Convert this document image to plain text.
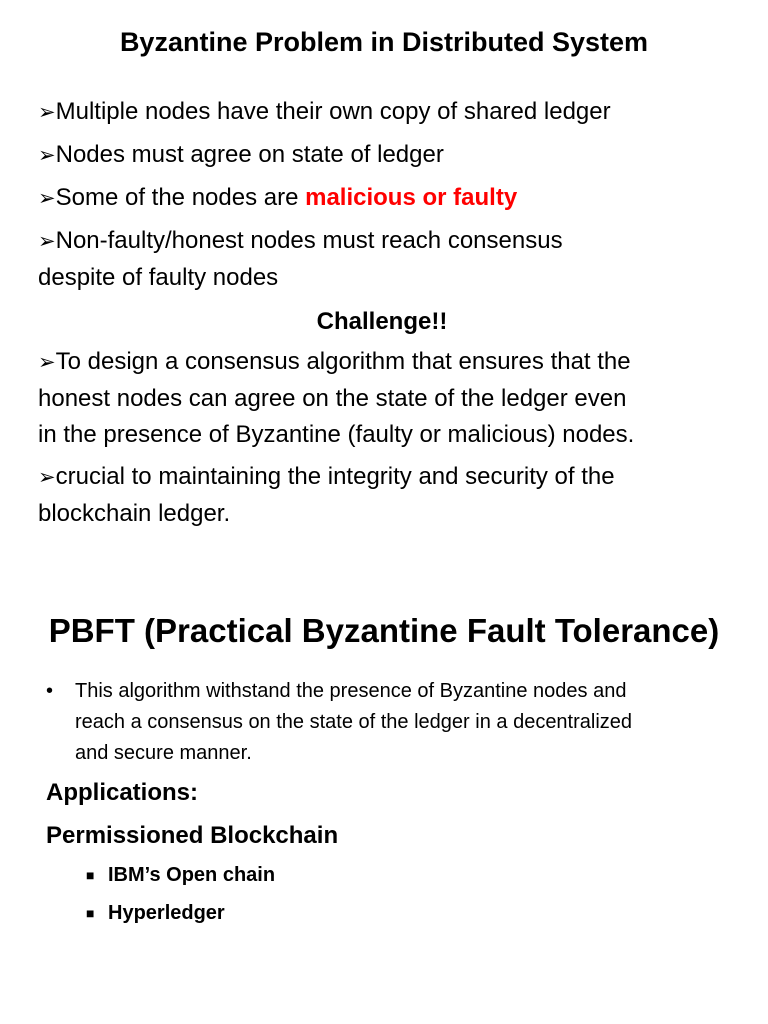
Byzantine Problem in Distributed System
➢Multiple nodes have their own copy of shared ledger
➢Nodes must agree on state of ledger
➢Some of the nodes are malicious or faulty
➢Non-faulty/honest nodes must reach consensus
despite of faulty nodes
Challenge!!
➢To design a consensus algorithm that ensures that the
honest nodes can agree on the state of the ledger even
in the presence of Byzantine (faulty or malicious) nodes.
➢crucial to maintaining the integrity and security of the
blockchain ledger.
PBFT (Practical Byzantine Fault Tolerance)
• This algorithm withstand the presence of Byzantine nodes and
reach a consensus on the state of the ledger in a decentralized
and secure manner.
Applications:
Permissioned Blockchain
■ IBM’s Open chain
■ Hyperledger
